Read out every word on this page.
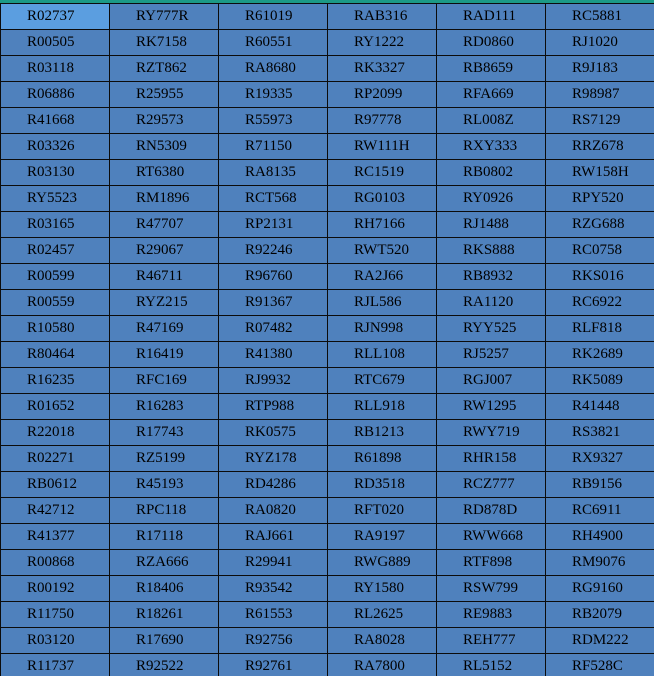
R02737	RY777R	R61019	RAB316	RAD111	RC5881
R00505	RK7158	R60551	RY1222	RD0860	RJ1020
R03118	RZT862	RA8680	RK3327	RB8659	R9J183
R06886	R25955	R19335	RP2099	RFA669	R98987
R41668	R29573	R55973	R97778	RL008Z	RS7129
R03326	RN5309	R71150	RW111H	RXY333	RRZ678
R03130	RT6380	RA8135	RC1519	RB0802	RW158H
RY5523	RM1896	RCT568	RG0103	RY0926	RPY520
R03165	R47707	RP2131	RH7166	RJ1488	RZG688
R02457	R29067	R92246	RWT520	RKS888	RC0758
R00599	R46711	R96760	RA2J66	RB8932	RKS016
R00559	RYZ215	R91367	RJL586	RA1120	RC6922
R10580	R47169	R07482	RJN998	RYY525	RLF818
R80464	R16419	R41380	RLL108	RJ5257	RK2689
R16235	RFC169	RJ9932	RTC679	RGJ007	RK5089
R01652	R16283	RTP988	RLL918	RW1295	R41448
R22018	R17743	RK0575	RB1213	RWY719	RS3821
R02271	RZ5199	RYZ178	R61898	RHR158	RX9327
RB0612	R45193	RD4286	RD3518	RCZ777	RB9156
R42712	RPC118	RA0820	RFT020	RD878D	RC6911
R41377	R17118	RAJ661	RA9197	RWW668	RH4900
R00868	RZA666	R29941	RWG889	RTF898	RM9076
R00192	R18406	R93542	RY1580	RSW799	RG9160
R11750	R18261	R61553	RL2625	RE9883	RB2079
R03120	R17690	R92756	RA8028	REH777	RDM222
R11737	R92522	R92761	RA7800	RL5152	RF528C
